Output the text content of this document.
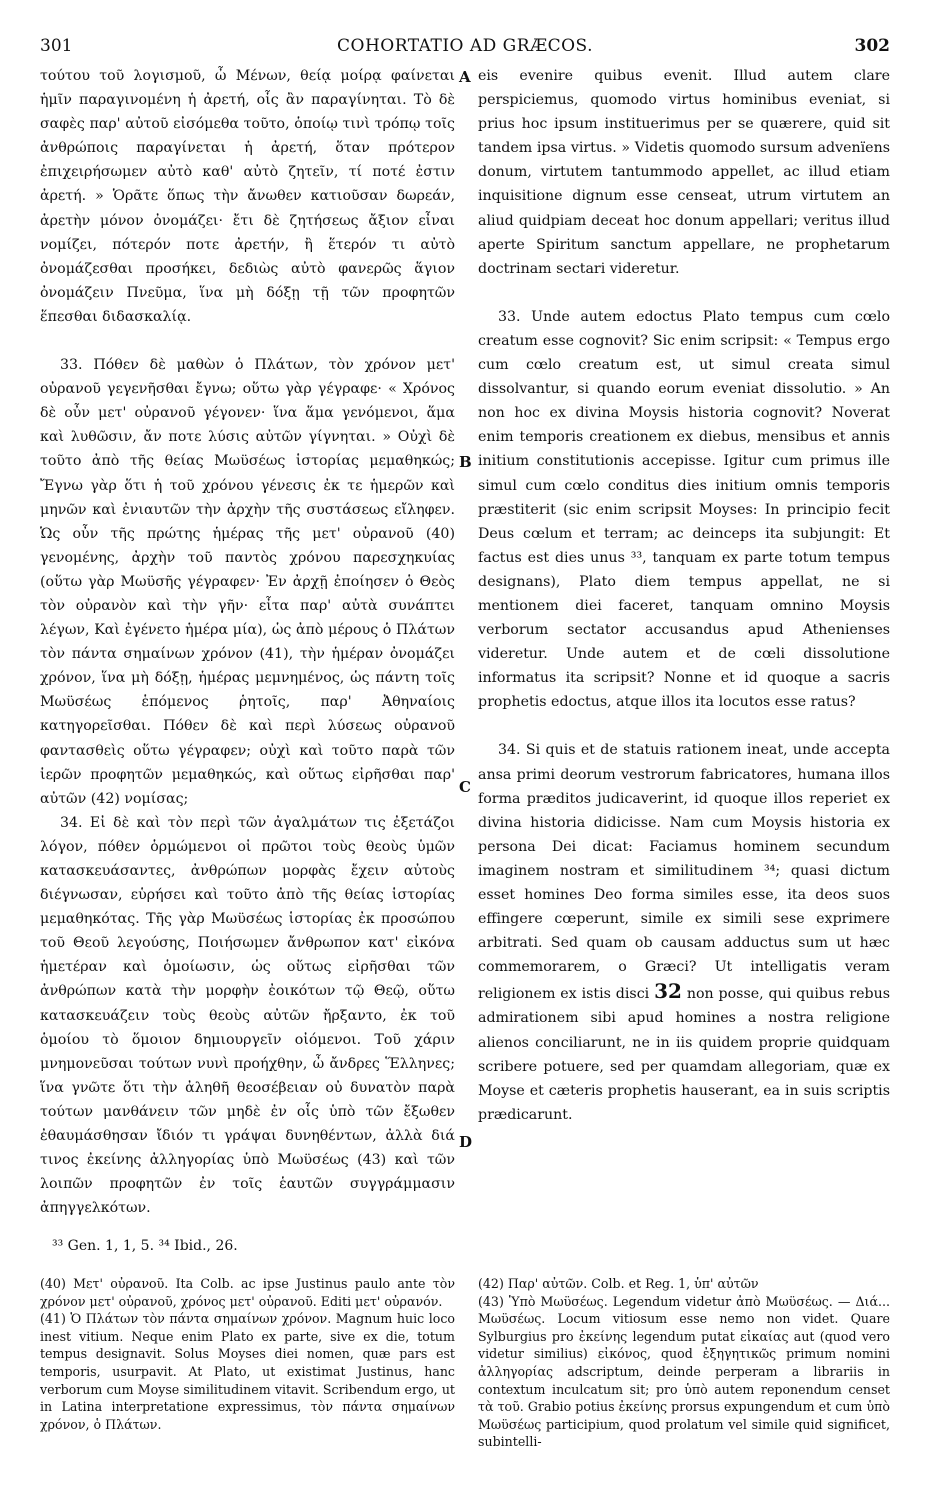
301	COHORTATIO AD GRÆCOS.	302

τούτου τοῦ λογισμοῦ, ὦ Μένων, θείᾳ μοίρᾳ φαίνεται ἡμῖν παραγινομένη ἡ ἀρετή, οἷς ἂν παραγίνηται. Τὸ δὲ σαφὲς παρ' αὐτοῦ εἰσόμεθα τοῦτο, ὁποίῳ τινὶ τρόπῳ τοῖς ἀνθρώποις παραγίνεται ἡ ἀρετή, ὅταν πρότερον ἐπιχειρήσωμεν αὐτὸ καθ' αὐτὸ ζητεῖν, τί ποτέ ἐστιν ἀρετή. » Ὁρᾶτε ὅπως τὴν ἄνωθεν κατιοῦσαν δωρεάν, ἀρετὴν μόνον ὀνομάζει· ἔτι δὲ ζητήσεως ἄξιον εἶναι νομίζει, πότερόν ποτε ἀρετήν, ἢ ἕτερόν τι αὐτὸ ὀνομάζεσθαι προσήκει, δεδιὼς αὐτὸ φανερῶς ἅγιον ὀνομάζειν Πνεῦμα, ἵνα μὴ δόξῃ τῇ τῶν προφητῶν ἕπεσθαι διδασκαλίᾳ.

33. Πόθεν δὲ μαθὼν ὁ Πλάτων, τὸν χρόνον μετ' οὐρανοῦ γεγενῆσθαι ἔγνω; οὕτω γὰρ γέγραφε· « Χρόνος δὲ οὖν μετ' οὐρανοῦ γέγονεν· ἵνα ἅμα γενόμενοι, ἅμα καὶ λυθῶσιν, ἄν ποτε λύσις αὐτῶν γίγνηται. » Οὐχὶ δὲ τοῦτο ἀπὸ τῆς θείας Μωϋσέως ἱστορίας μεμαθηκώς; Ἔγνω γὰρ ὅτι ἡ τοῦ χρόνου γένεσις ἐκ τε ἡμερῶν καὶ μηνῶν καὶ ἐνιαυτῶν τὴν ἀρχὴν τῆς συστάσεως εἴληφεν. Ὡς οὖν τῆς πρώτης ἡμέρας τῆς μετ' οὐρανοῦ (40) γενομένης, ἀρχὴν τοῦ παντὸς χρόνου παρεσχηκυίας (οὕτω γὰρ Μωϋσῆς γέγραφεν· Ἐν ἀρχῇ ἐποίησεν ὁ Θεὸς τὸν οὐρανὸν καὶ τὴν γῆν· εἶτα παρ' αὐτὰ συνάπτει λέγων, Καὶ ἐγένετο ἡμέρα μία), ὡς ἀπὸ μέρους ὁ Πλάτων τὸν πάντα σημαίνων χρόνον (41), τὴν ἡμέραν ὀνομάζει χρόνον, ἵνα μὴ δόξῃ, ἡμέρας μεμνημένος, ὡς πάντη τοῖς Μωϋσέως ἑπόμενος ῥητοῖς, παρ' Ἀθηναίοις κατηγορεῖσθαι. Πόθεν δὲ καὶ περὶ λύσεως οὐρανοῦ φαντασθεὶς οὕτω γέγραφεν; οὐχὶ καὶ τοῦτο παρὰ τῶν ἱερῶν προφητῶν μεμαθηκώς, καὶ οὕτως εἰρῆσθαι παρ' αὐτῶν (42) νομίσας;

34. Εἰ δὲ καὶ τὸν περὶ τῶν ἀγαλμάτων τις ἐξετάζοι λόγον, πόθεν ὁρμώμενοι οἱ πρῶτοι τοὺς θεοὺς ὑμῶν κατασκευάσαντες, ἀνθρώπων μορφὰς ἔχειν αὐτοὺς διέγνωσαν, εὑρήσει καὶ τοῦτο ἀπὸ τῆς θείας ἱστορίας μεμαθηκότας. Τῆς γὰρ Μωϋσέως ἱστορίας ἐκ προσώπου τοῦ Θεοῦ λεγούσης, Ποιήσωμεν ἄνθρωπον κατ' εἰκόνα ἡμετέραν καὶ ὁμοίωσιν, ὡς οὕτως εἰρῆσθαι τῶν ἀνθρώπων κατὰ τὴν μορφὴν ἐοικότων τῷ Θεῷ, οὕτω κατασκευάζειν τοὺς θεοὺς αὐτῶν ἤρξαντο, ἐκ τοῦ ὁμοίου τὸ ὅμοιον δημιουργεῖν οἰόμενοι. Τοῦ χάριν μνημονεῦσαι τούτων νυνὶ προήχθην, ὦ ἄνδρες Ἕλληνες; ἵνα γνῶτε ὅτι τὴν ἀληθῆ θεοσέβειαν οὐ δυνατὸν παρὰ τούτων μανθάνειν τῶν μηδὲ ἐν οἷς ὑπὸ τῶν ἔξωθεν ἐθαυμάσθησαν ἴδιόν τι γράψαι δυνηθέντων, ἀλλὰ διά τινος ἐκείνης ἀλληγορίας ὑπὸ Μωϋσέως (43) καὶ τῶν λοιπῶν προφητῶν ἐν τοῖς ἑαυτῶν συγγράμμασιν ἀπηγγελκότων.

A
B
C
D

eis evenire quibus evenit. Illud autem clare perspiciemus, quomodo virtus hominibus eveniat, si prius hoc ipsum instituerimus per se quærere, quid sit tandem ipsa virtus. » Videtis quomodo sursum advenïens donum, virtutem tantummodo appellet, ac illud etiam inquisitione dignum esse censeat, utrum virtutem an aliud quidpiam deceat hoc donum appellari; veritus illud aperte Spiritum sanctum appellare, ne prophetarum doctrinam sectari videretur.

33. Unde autem edoctus Plato tempus cum cœlo creatum esse cognovit? Sic enim scripsit: « Tempus ergo cum cœlo creatum est, ut simul creata simul dissolvantur, si quando eorum eveniat dissolutio. » An non hoc ex divina Moysis historia cognovit? Noverat enim temporis creationem ex diebus, mensibus et annis initium constitutionis accepisse. Igitur cum primus ille simul cum cœlo conditus dies initium omnis temporis præstiterit (sic enim scripsit Moyses: In principio fecit Deus cœlum et terram; ac deinceps ita subjungit: Et factus est dies unus ³³, tanquam ex parte totum tempus designans), Plato diem tempus appellat, ne si mentionem diei faceret, tanquam omnino Moysis verborum sectator accusandus apud Athenienses videretur. Unde autem et de cœli dissolutione informatus ita scripsit? Nonne et id quoque a sacris prophetis edoctus, atque illos ita locutos esse ratus?

34. Si quis et de statuis rationem ineat, unde accepta ansa primi deorum vestrorum fabricatores, humana illos forma præditos judicaverint, id quoque illos reperiet ex divina historia didicisse. Nam cum Moysis historia ex persona Dei dicat: Faciamus hominem secundum imaginem nostram et similitudinem ³⁴; quasi dictum esset homines Deo forma similes esse, ita deos suos effingere cœperunt, simile ex simili sese exprimere arbitrati. Sed quam ob causam adductus sum ut hæc commemorarem, o Græci? Ut intelligatis veram religionem ex istis disci 32 non posse, qui quibus rebus admirationem sibi apud homines a nostra religione alienos conciliarunt, ne in iis quidem proprie quidquam scribere potuere, sed per quamdam allegoriam, quæ ex Moyse et cæteris prophetis hauserant, ea in suis scriptis prædicarunt.

³³ Gen. 1, 1, 5. ³⁴ Ibid., 26.

(40) Μετ' οὐρανοῦ. Ita Colb. ac ipse Justinus paulo ante τὸν χρόνον μετ' οὐρανοῦ, χρόνος μετ' οὐρανοῦ. Editi μετ' οὐρανόν.

(41) Ὁ Πλάτων τὸν πάντα σημαίνων χρόνον. Magnum huic loco inest vitium. Neque enim Plato ex parte, sive ex die, totum tempus designavit. Solus Moyses diei nomen, quæ pars est temporis, usurpavit. At Plato, ut existimat Justinus, hanc verborum cum Moyse similitudinem vitavit. Scribendum ergo, ut in Latina interpretatione expressimus, τὸν πάντα σημαίνων χρόνον, ὁ Πλάτων.

(42) Παρ' αὐτῶν. Colb. et Reg. 1, ὑπ' αὐτῶν

(43) Ὑπὸ Μωϋσέως. Legendum videtur ἀπὸ Μωϋσέως. — Διά... Μωϋσέως. Locum vitiosum esse nemo non videt. Quare Sylburgius pro ἐκείνης legendum putat εἰκαίας aut (quod vero videtur similius) εἰκόνος, quod ἐξηγητικῶς primum nomini ἀλληγορίας adscriptum, deinde perperam a librariis in contextum inculcatum sit; pro ὑπὸ autem reponendum censet τὰ τοῦ. Grabio potius ἐκείνης prorsus expungendum et cum ὑπὸ Μωϋσέως participium, quod prolatum vel simile quid significet, subintelli-
